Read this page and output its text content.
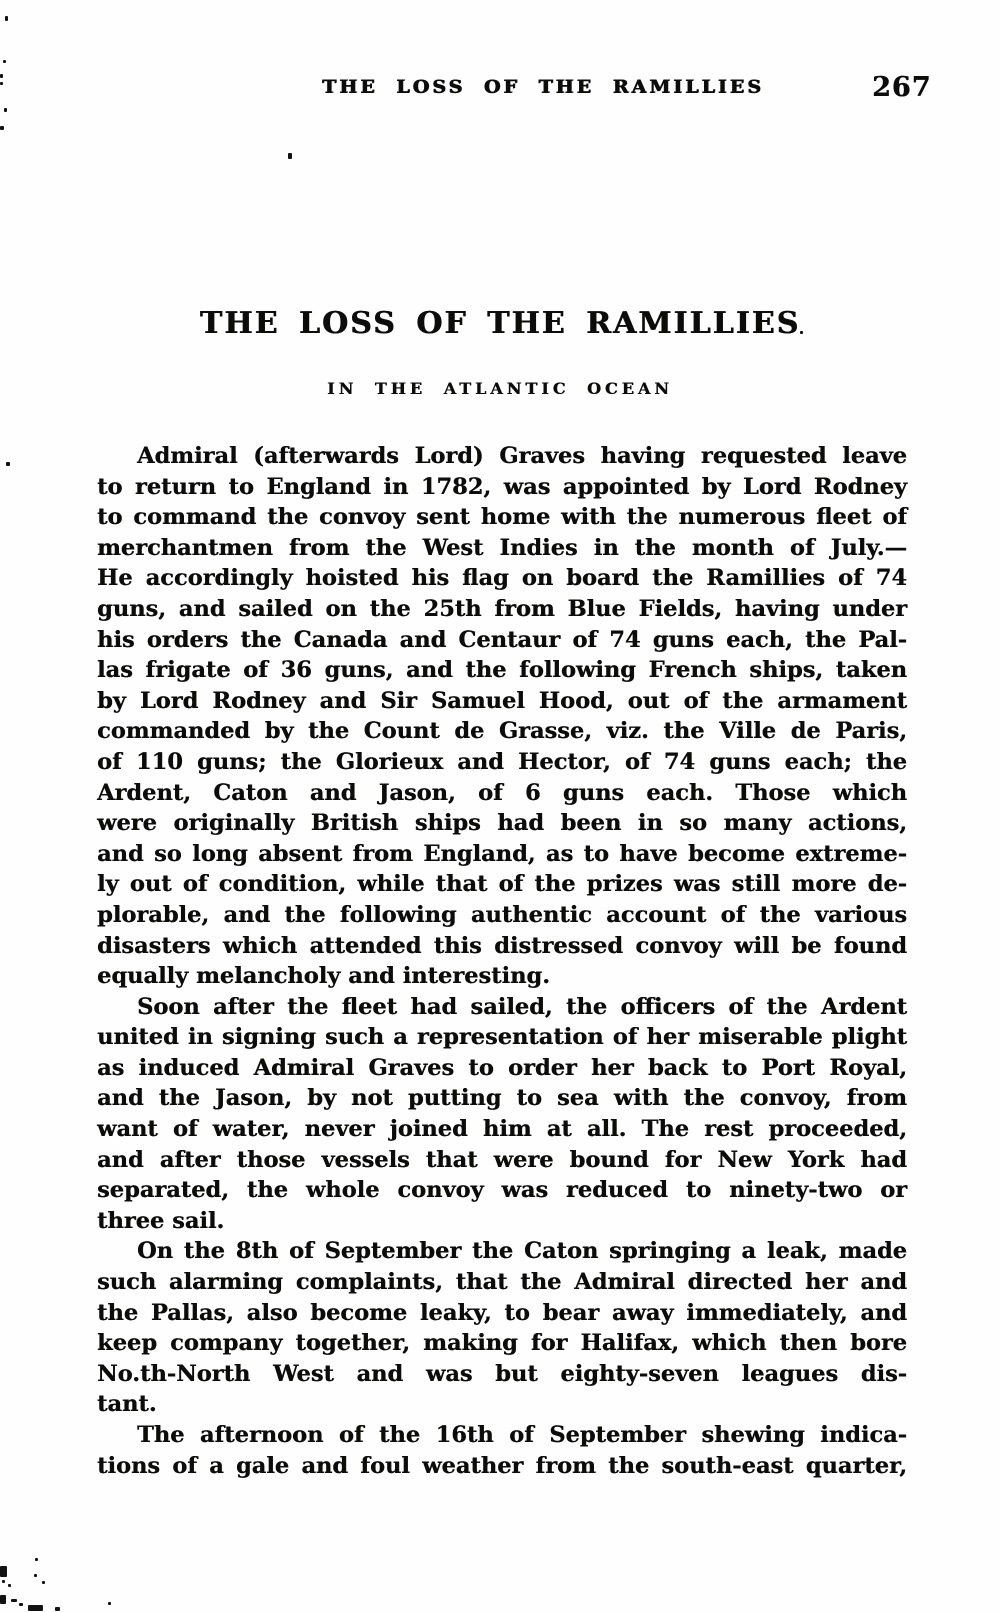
THE LOSS OF THE RAMILLIES	267
THE LOSS OF THE RAMILLIES
IN THE ATLANTIC OCEAN
Admiral (afterwards Lord) Graves having requested leave
to return to England in 1782, was appointed by Lord Rodney
to command the convoy sent home with the numerous fleet of
merchantmen from the West Indies in the month of July.—
He accordingly hoisted his flag on board the Ramillies of 74
guns, and sailed on the 25th from Blue Fields, having under
his orders the Canada and Centaur of 74 guns each, the Pal-
las frigate of 36 guns, and the following French ships, taken
by Lord Rodney and Sir Samuel Hood, out of the armament
commanded by the Count de Grasse, viz. the Ville de Paris,
of 110 guns; the Glorieux and Hector, of 74 guns each; the
Ardent, Caton and Jason, of 6 guns each. Those which
were originally British ships had been in so many actions,
and so long absent from England, as to have become extreme-
ly out of condition, while that of the prizes was still more de-
plorable, and the following authentic account of the various
disasters which attended this distressed convoy will be found
equally melancholy and interesting.
Soon after the fleet had sailed, the officers of the Ardent
united in signing such a representation of her miserable plight
as induced Admiral Graves to order her back to Port Royal,
and the Jason, by not putting to sea with the convoy, from
want of water, never joined him at all. The rest proceeded,
and after those vessels that were bound for New York had
separated, the whole convoy was reduced to ninety-two or
three sail.
On the 8th of September the Caton springing a leak, made
such alarming complaints, that the Admiral directed her and
the Pallas, also become leaky, to bear away immediately, and
keep company together, making for Halifax, which then bore
No.th-North West and was but eighty-seven leagues dis-
tant.
The afternoon of the 16th of September shewing indica-
tions of a gale and foul weather from the south-east quarter,
